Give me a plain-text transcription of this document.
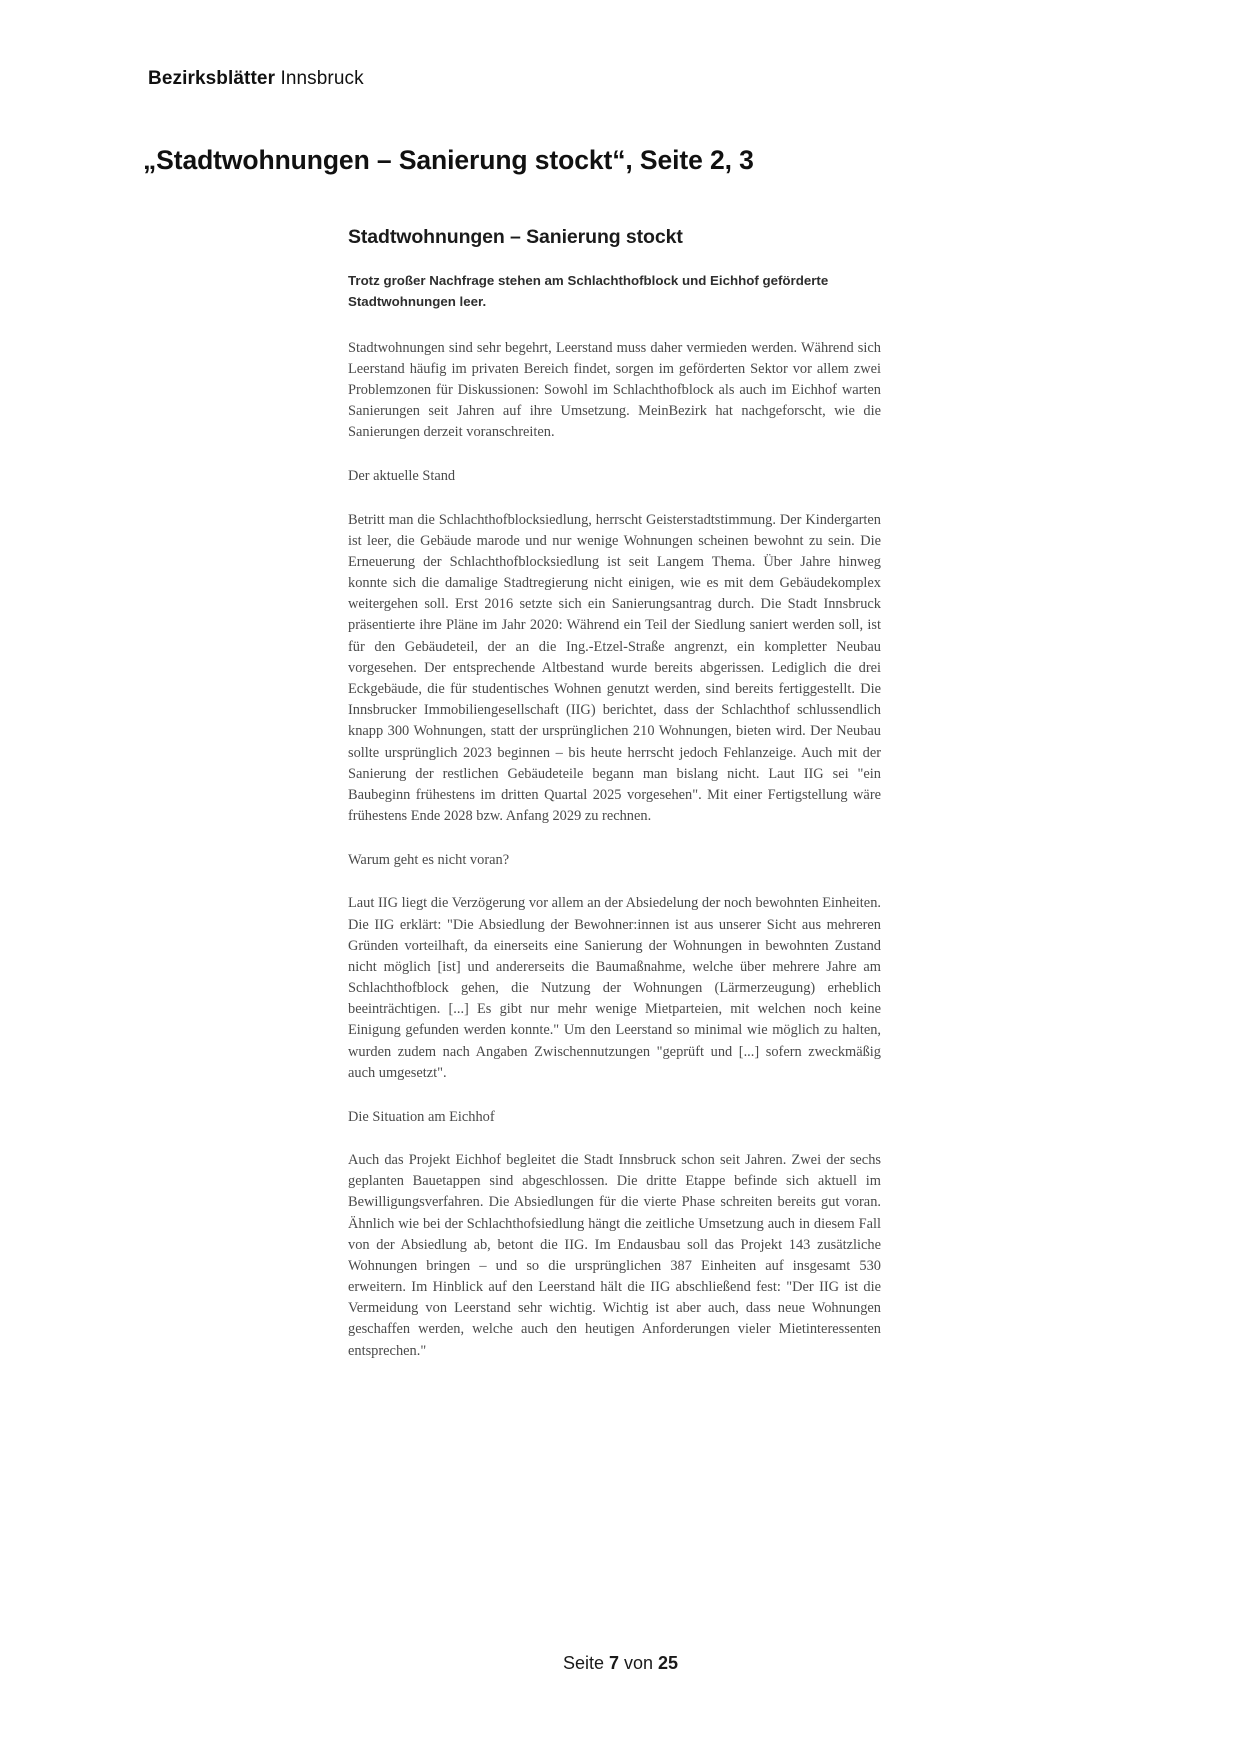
Bezirksblätter Innsbruck
„Stadtwohnungen – Sanierung stockt“, Seite 2, 3
Stadtwohnungen – Sanierung stockt

Trotz großer Nachfrage stehen am Schlachthofblock und Eichhof geförderte Stadtwohnungen leer.

Stadtwohnungen sind sehr begehrt, Leerstand muss daher vermieden werden. Während sich Leerstand häufig im privaten Bereich findet, sorgen im geförderten Sektor vor allem zwei Problemzonen für Diskussionen: Sowohl im Schlachthofblock als auch im Eichhof warten Sanierungen seit Jahren auf ihre Umsetzung. MeinBezirk hat nachgeforscht, wie die Sanierungen derzeit voranschreiten.

Der aktuelle Stand

Betritt man die Schlachthofblocksiedlung, herrscht Geisterstadtstimmung. Der Kindergarten ist leer, die Gebäude marode und nur wenige Wohnungen scheinen bewohnt zu sein. Die Erneuerung der Schlachthofblocksiedlung ist seit Langem Thema. Über Jahre hinweg konnte sich die damalige Stadtregierung nicht einigen, wie es mit dem Gebäudekomplex weitergehen soll. Erst 2016 setzte sich ein Sanierungsantrag durch. Die Stadt Innsbruck präsentierte ihre Pläne im Jahr 2020: Während ein Teil der Siedlung saniert werden soll, ist für den Gebäudeteil, der an die Ing.-Etzel-Straße angrenzt, ein kompletter Neubau vorgesehen. Der entsprechende Altbestand wurde bereits abgerissen. Lediglich die drei Eckgebäude, die für studentisches Wohnen genutzt werden, sind bereits fertiggestellt. Die Innsbrucker Immobiliengesellschaft (IIG) berichtet, dass der Schlachthof schlussendlich knapp 300 Wohnungen, statt der ursprünglichen 210 Wohnungen, bieten wird. Der Neubau sollte ursprünglich 2023 beginnen – bis heute herrscht jedoch Fehlanzeige. Auch mit der Sanierung der restlichen Gebäudeteile begann man bislang nicht. Laut IIG sei "ein Baubeginn frühestens im dritten Quartal 2025 vorgesehen". Mit einer Fertigstellung wäre frühestens Ende 2028 bzw. Anfang 2029 zu rechnen.

Warum geht es nicht voran?

Laut IIG liegt die Verzögerung vor allem an der Absiedelung der noch bewohnten Einheiten. Die IIG erklärt: "Die Absiedlung der Bewohner:innen ist aus unserer Sicht aus mehreren Gründen vorteilhaft, da einerseits eine Sanierung der Wohnungen in bewohnten Zustand nicht möglich [ist] und andererseits die Baumaßnahme, welche über mehrere Jahre am Schlachthofblock gehen, die Nutzung der Wohnungen (Lärmerzeugung) erheblich beeinträchtigen. [...] Es gibt nur mehr wenige Mietparteien, mit welchen noch keine Einigung gefunden werden konnte." Um den Leerstand so minimal wie möglich zu halten, wurden zudem nach Angaben Zwischennutzungen "geprüft und [...] sofern zweckmäßig auch umgesetzt".

Die Situation am Eichhof

Auch das Projekt Eichhof begleitet die Stadt Innsbruck schon seit Jahren. Zwei der sechs geplanten Bauetappen sind abgeschlossen. Die dritte Etappe befinde sich aktuell im Bewilligungsverfahren. Die Absiedlungen für die vierte Phase schreiten bereits gut voran. Ähnlich wie bei der Schlachthofsiedlung hängt die zeitliche Umsetzung auch in diesem Fall von der Absiedlung ab, betont die IIG. Im Endausbau soll das Projekt 143 zusätzliche Wohnungen bringen – und so die ursprünglichen 387 Einheiten auf insgesamt 530 erweitern. Im Hinblick auf den Leerstand hält die IIG abschließend fest: "Der IIG ist die Vermeidung von Leerstand sehr wichtig. Wichtig ist aber auch, dass neue Wohnungen geschaffen werden, welche auch den heutigen Anforderungen vieler Mietinteressenten entsprechen."

Seite 7 von 25
